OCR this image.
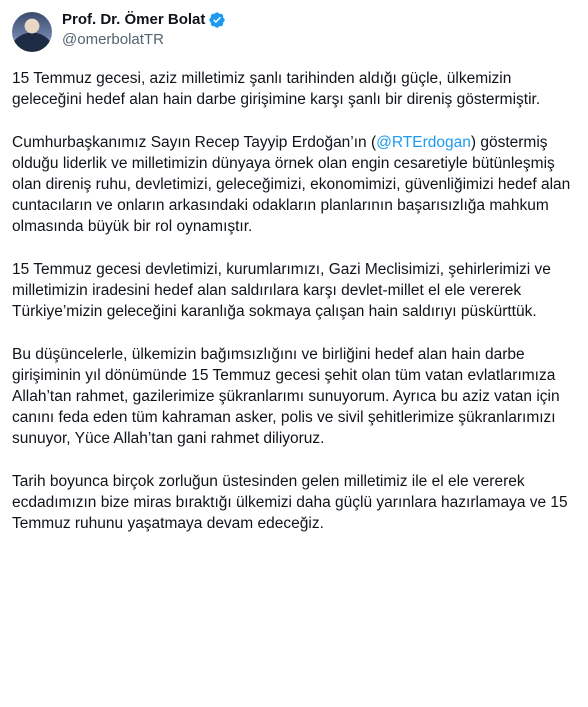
Prof. Dr. Ömer Bolat
@omerbolatTR

15 Temmuz gecesi, aziz milletimiz şanlı tarihinden aldığı güçle, ülkemizin geleceğini hedef alan hain darbe girişimine karşı şanlı bir direniş göstermiştir.

Cumhurbaşkanımız Sayın Recep Tayyip Erdoğan’ın (@RTErdogan) göstermiş olduğu liderlik ve milletimizin dünyaya örnek olan engin cesaretiyle bütünleşmiş olan direniş ruhu, devletimizi, geleceğimizi, ekonomimizi, güvenliğimizi hedef alan cuntacıların ve onların arkasındaki odakların planlarının başarısızlığa mahkum olmasında büyük bir rol oynamıştır.

15 Temmuz gecesi devletimizi, kurumlarımızı, Gazi Meclisimizi, şehirlerimizi ve milletimizin iradesini hedef alan saldırılara karşı devlet-millet el ele vererek Türkiye’mizin geleceğini karanlığa sokmaya çalışan hain saldırıyı püskürttük.

Bu düşüncelerle, ülkemizin bağımsızlığını ve birliğini hedef alan hain darbe girişiminin yıl dönümünde 15 Temmuz gecesi şehit olan tüm vatan evlatlarımıza Allah’tan rahmet, gazilerimize şükranlarımı sunuyorum. Ayrıca bu aziz vatan için canını feda eden tüm kahraman asker, polis ve sivil şehitlerimize şükranlarımızı sunuyor, Yüce Allah’tan gani rahmet diliyoruz.

Tarih boyunca birçok zorluğun üstesinden gelen milletimiz ile el ele vererek ecdadımızın bize miras bıraktığı ülkemizi daha güçlü yarınlara hazırlamaya ve 15 Temmuz ruhunu yaşatmaya devam edeceğiz.
